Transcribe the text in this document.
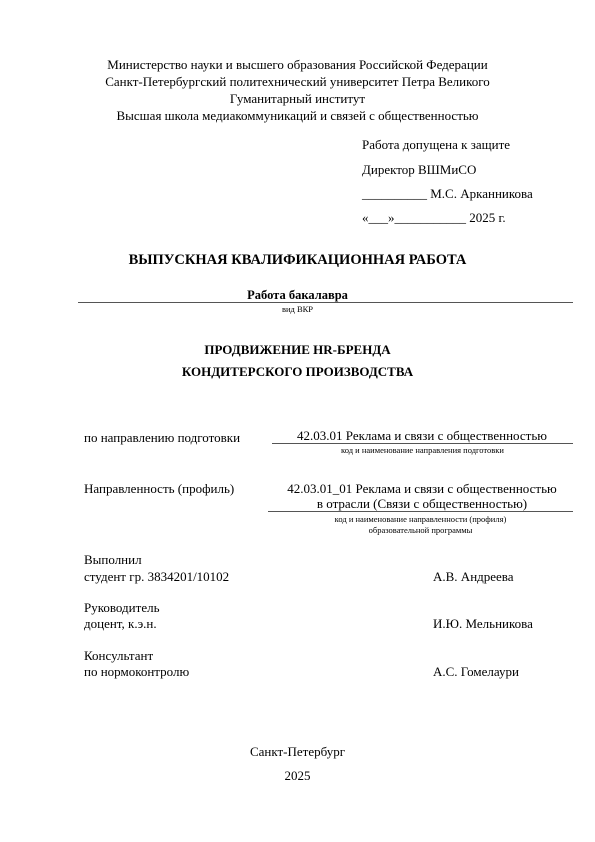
Министерство науки и высшего образования Российской Федерации
Санкт-Петербургский политехнический университет Петра Великого
Гуманитарный институт
Высшая школа медиакоммуникаций и связей с общественностью
Работа допущена к защите
Директор ВШМиСО
__________ М.С. Арканникова
«___»___________ 2025 г.
ВЫПУСКНАЯ КВАЛИФИКАЦИОННАЯ РАБОТА
Работа бакалавра
вид ВКР
ПРОДВИЖЕНИЕ HR-БРЕНДА
КОНДИТЕРСКОГО ПРОИЗВОДСТВА
по направлению подготовки	42.03.01 Реклама и связи с общественностью
код и наименование направления подготовки
Направленность (профиль)	42.03.01_01 Реклама и связи с общественностью
в отрасли (Связи с общественностью)
код и наименование направленности (профиля)
образовательной программы
Выполнил
студент гр. 3834201/10102	А.В. Андреева
Руководитель
доцент, к.э.н.	И.Ю. Мельникова
Консультант
по нормоконтролю	А.С. Гомелаури
Санкт-Петербург
2025
